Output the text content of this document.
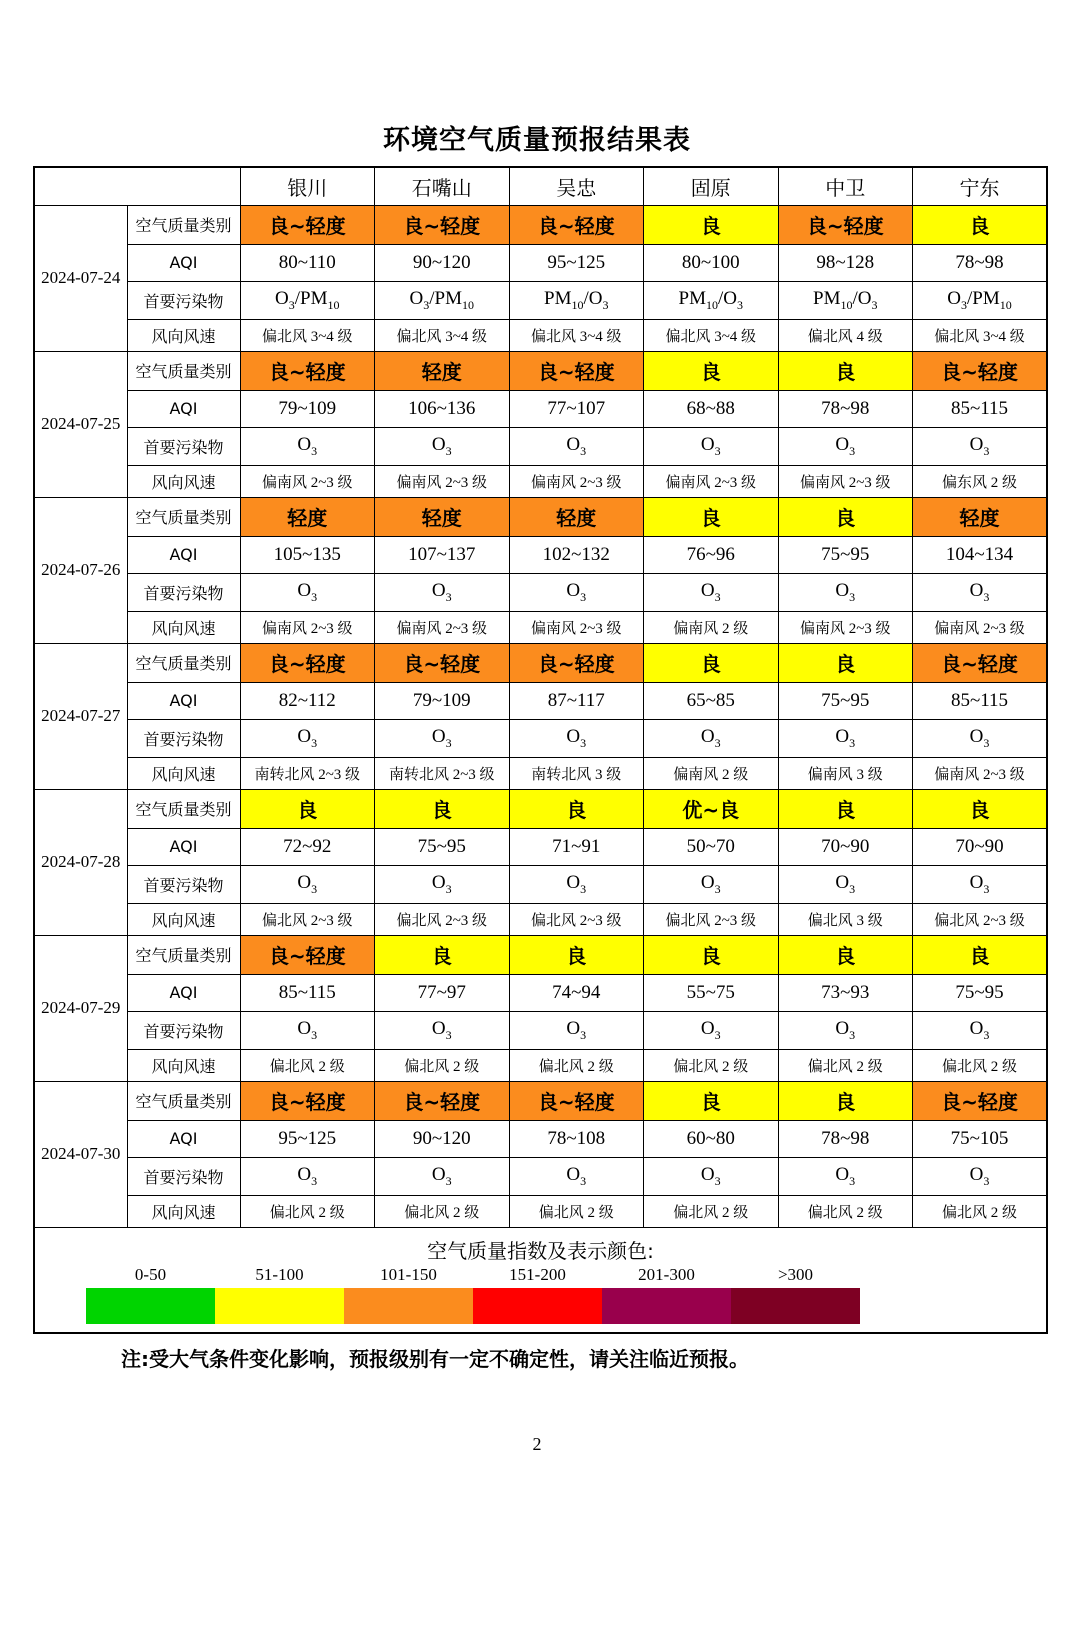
环境空气质量预报结果表
		银川	石嘴山	吴忠	固原	中卫	宁东
2024-07-24	空气质量类别	良~轻度	良~轻度	良~轻度	良	良~轻度	良
	AQI	80~110	90~120	95~125	80~100	98~128	78~98
	首要污染物	$O_3/PM_{10}$	$O_3/PM_{10}$	$PM_{10}/O_3$	$PM_{10}/O_3$	$PM_{10}/O_3$	$O_3/PM_{10}$
	风向风速	偏北风 3~4 级	偏北风 3~4 级	偏北风 3~4 级	偏北风 3~4 级	偏北风 4 级	偏北风 3~4 级
2024-07-25	空气质量类别	良~轻度	轻度	良~轻度	良	良	良~轻度
	AQI	79~109	106~136	77~107	68~88	78~98	85~115
	首要污染物	$O_3$	$O_3$	$O_3$	$O_3$	$O_3$	$O_3$
	风向风速	偏南风 2~3 级	偏南风 2~3 级	偏南风 2~3 级	偏南风 2~3 级	偏南风 2~3 级	偏东风 2 级
2024-07-26	空气质量类别	轻度	轻度	轻度	良	良	轻度
	AQI	105~135	107~137	102~132	76~96	75~95	104~134
	首要污染物	$O_3$	$O_3$	$O_3$	$O_3$	$O_3$	$O_3$
	风向风速	偏南风 2~3 级	偏南风 2~3 级	偏南风 2~3 级	偏南风 2 级	偏南风 2~3 级	偏南风 2~3 级
2024-07-27	空气质量类别	良~轻度	良~轻度	良~轻度	良	良	良~轻度
	AQI	82~112	79~109	87~117	65~85	75~95	85~115
	首要污染物	$O_3$	$O_3$	$O_3$	$O_3$	$O_3$	$O_3$
	风向风速	南转北风 2~3 级	南转北风 2~3 级	南转北风 3 级	偏南风 2 级	偏南风 3 级	偏南风 2~3 级
2024-07-28	空气质量类别	良	良	良	优~良	良	良
	AQI	72~92	75~95	71~91	50~70	70~90	70~90
	首要污染物	$O_3$	$O_3$	$O_3$	$O_3$	$O_3$	$O_3$
	风向风速	偏北风 2~3 级	偏北风 2~3 级	偏北风 2~3 级	偏北风 2~3 级	偏北风 3 级	偏北风 2~3 级
2024-07-29	空气质量类别	良~轻度	良	良	良	良	良
	AQI	85~115	77~97	74~94	55~75	73~93	75~95
	首要污染物	$O_3$	$O_3$	$O_3$	$O_3$	$O_3$	$O_3$
	风向风速	偏北风 2 级	偏北风 2 级	偏北风 2 级	偏北风 2 级	偏北风 2 级	偏北风 2 级
2024-07-30	空气质量类别	良~轻度	良~轻度	良~轻度	良	良	良~轻度
	AQI	95~125	90~120	78~108	60~80	78~98	75~105
	首要污染物	$O_3$	$O_3$	$O_3$	$O_3$	$O_3$	$O_3$
	风向风速	偏北风 2 级	偏北风 2 级	偏北风 2 级	偏北风 2 级	偏北风 2 级	偏北风 2 级

空气质量指数及表示颜色:
0-50	51-100	101-150	151-200	201-300	>300
注:受大气条件变化影响，预报级别有一定不确定性，请关注临近预报。
2
